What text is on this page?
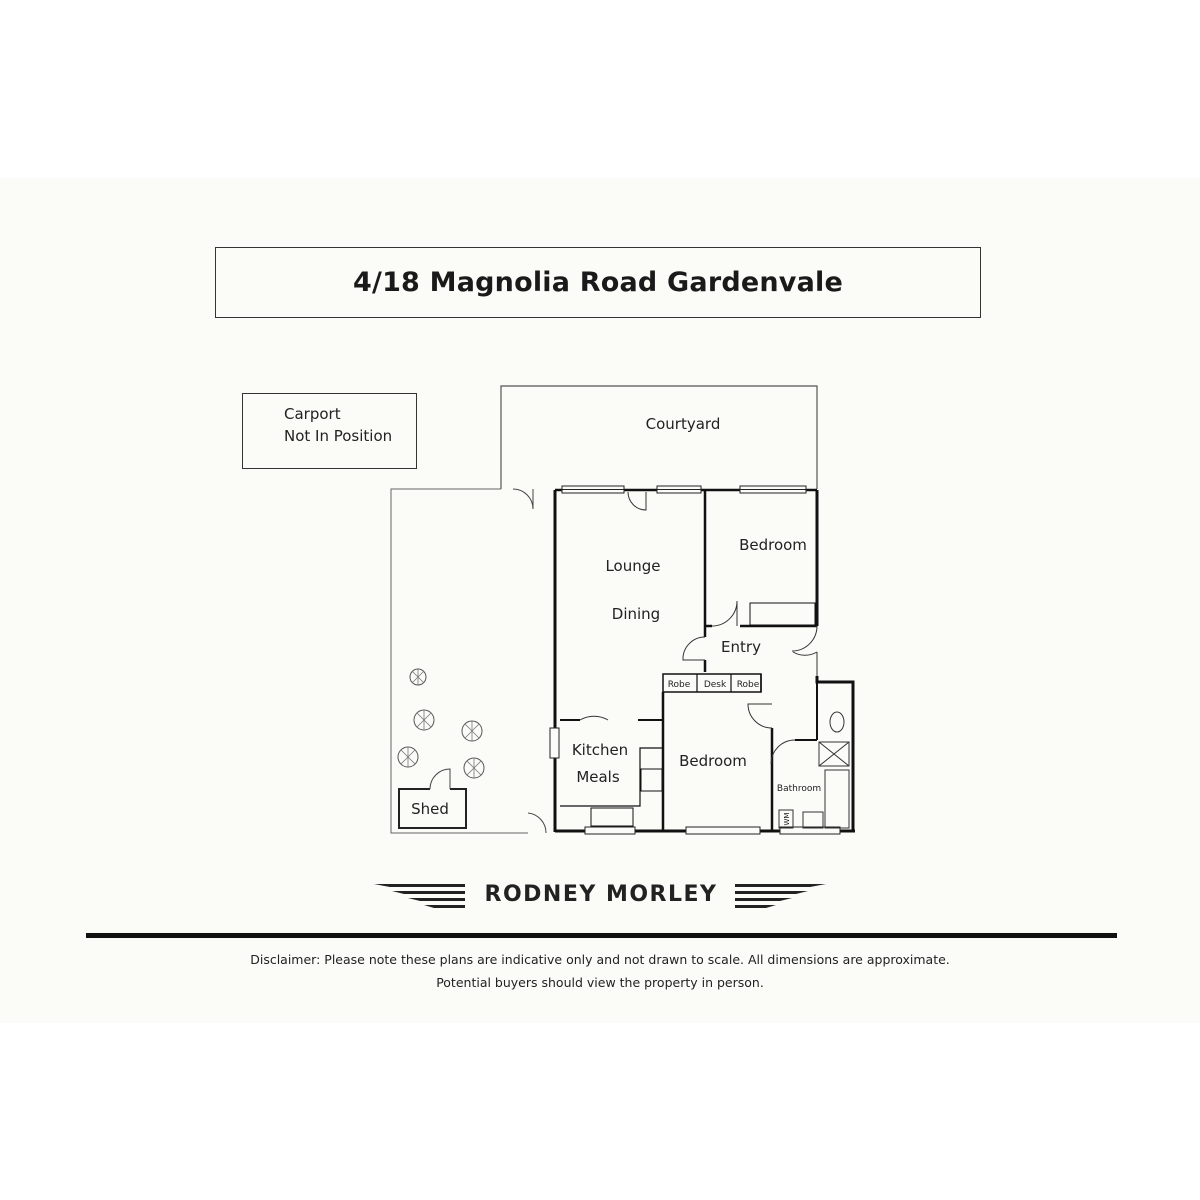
4/18 Magnolia Road Gardenvale
Carport
Not In Position
Courtyard
Shed
Lounge
Dining
Bedroom
Entry
Robe Desk Robe
Kitchen
Meals
Bedroom
Bathroom
WM
RODNEY MORLEY
Disclaimer: Please note these plans are indicative only and not drawn to scale. All dimensions are approximate.
Potential buyers should view the property in person.
